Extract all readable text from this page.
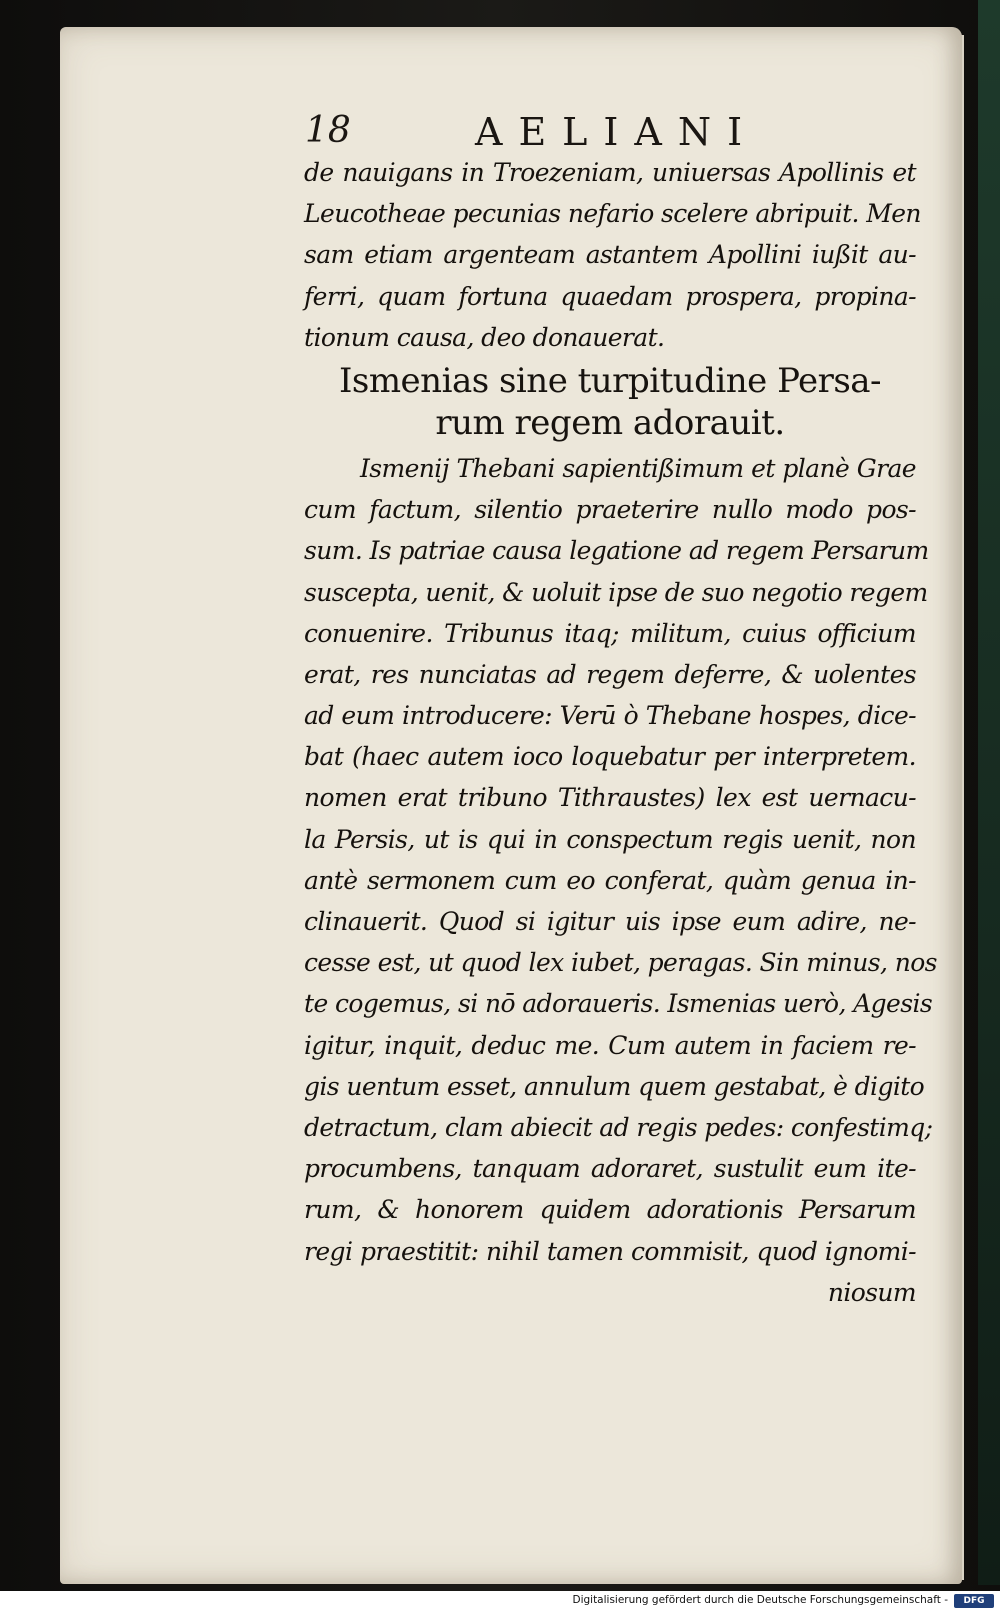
18	AELIANI
de nauigans in Troezeniam, uniuersas Apollinis et
Leucotheae pecunias nefario scelere abripuit. Men
sam etiam argenteam astantem Apollini iußit au-
ferri, quam fortuna quaedam prospera, propina-
tionum causa, deo donauerat.
Ismenias sine turpitudine Persa-
rum regem adorauit.
Ismenij Thebani sapientißimum et planè Grae
cum factum, silentio praeterire nullo modo pos-
sum. Is patriae causa legatione ad regem Persarum
suscepta, uenit, & uoluit ipse de suo negotio regem
conuenire. Tribunus itaq; militum, cuius officium
erat, res nunciatas ad regem deferre, & uolentes
ad eum introducere: Verū ò Thebane hospes, dice-
bat (haec autem ioco loquebatur per interpretem.
nomen erat tribuno Tithraustes) lex est uernacu-
la Persis, ut is qui in conspectum regis uenit, non
antè sermonem cum eo conferat, quàm genua in-
clinauerit. Quod si igitur uis ipse eum adire, ne-
cesse est, ut quod lex iubet, peragas. Sin minus, nos
te cogemus, si nō adoraueris. Ismenias uerò, Agesis
igitur, inquit, deduc me. Cum autem in faciem re-
gis uentum esset, annulum quem gestabat, è digito
detractum, clam abiecit ad regis pedes: confestimq;
procumbens, tanquam adoraret, sustulit eum ite-
rum, & honorem quidem adorationis Persarum
regi praestitit: nihil tamen commisit, quod ignomi-
niosum
Digitalisierung gefördert durch die Deutsche Forschungsgemeinschaft -	DFG
